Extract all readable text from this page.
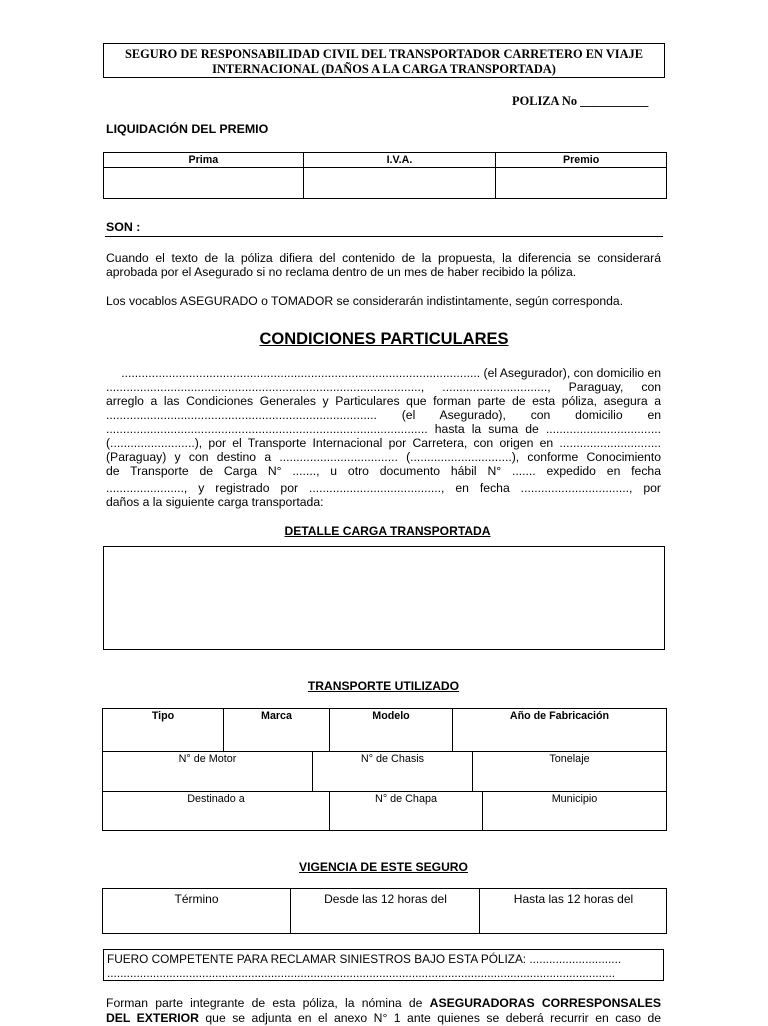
SEGURO DE RESPONSABILIDAD CIVIL DEL TRANSPORTADOR CARRETERO EN VIAJE
INTERNACIONAL (DAÑOS A LA CARGA TRANSPORTADA)
POLIZA No ___________
LIQUIDACIÓN DEL PREMIO
Prima	I.V.A.	Premio

SON :
Cuando el texto de la póliza difiera del contenido de la propuesta, la diferencia se considerará aprobada por el Asegurado si no reclama dentro de un mes de haber recibido la póliza.
Los vocablos ASEGURADO o TOMADOR se considerarán indistintamente, según corresponda.
CONDICIONES PARTICULARES
.......................................................................................................... (el Asegurador), con domicilio en
............................................................................................., ..............................., Paraguay, con
arreglo a las Condiciones Generales y Particulares que forman parte de esta póliza, asegura a
................................................................................ (el Asegurado), con domicilio en
............................................................................................... hasta la suma de ..................................
(.........................), por el Transporte Internacional por Carretera, con origen en ..............................
(Paraguay) y con destino a ................................... (..............................), conforme Conocimiento
de Transporte de Carga N° ......., u otro documento hábil N° ....... expedido en fecha
......................., y registrado por ......................................., en fecha ................................, por
daños a la siguiente carga transportada:
DETALLE CARGA TRANSPORTADA
TRANSPORTE UTILIZADO
Tipo	Marca	Modelo	Año de Fabricación
N° de Motor	N° de Chasis	Tonelaje
Destinado a	N° de Chapa	Municipio
VIGENCIA DE ESTE SEGURO
Término	Desde las 12 horas del	Hasta las 12 horas del
FUERO COMPETENTE PARA RECLAMAR SINIESTROS BAJO ESTA PÓLIZA: ............................
...........................................................................................................................................................
Forman parte integrante de esta póliza, la nómina de ASEGURADORAS CORRESPONSALES
DEL EXTERIOR que se adjunta en el anexo N° 1 ante quienes se deberá recurrir en caso de
